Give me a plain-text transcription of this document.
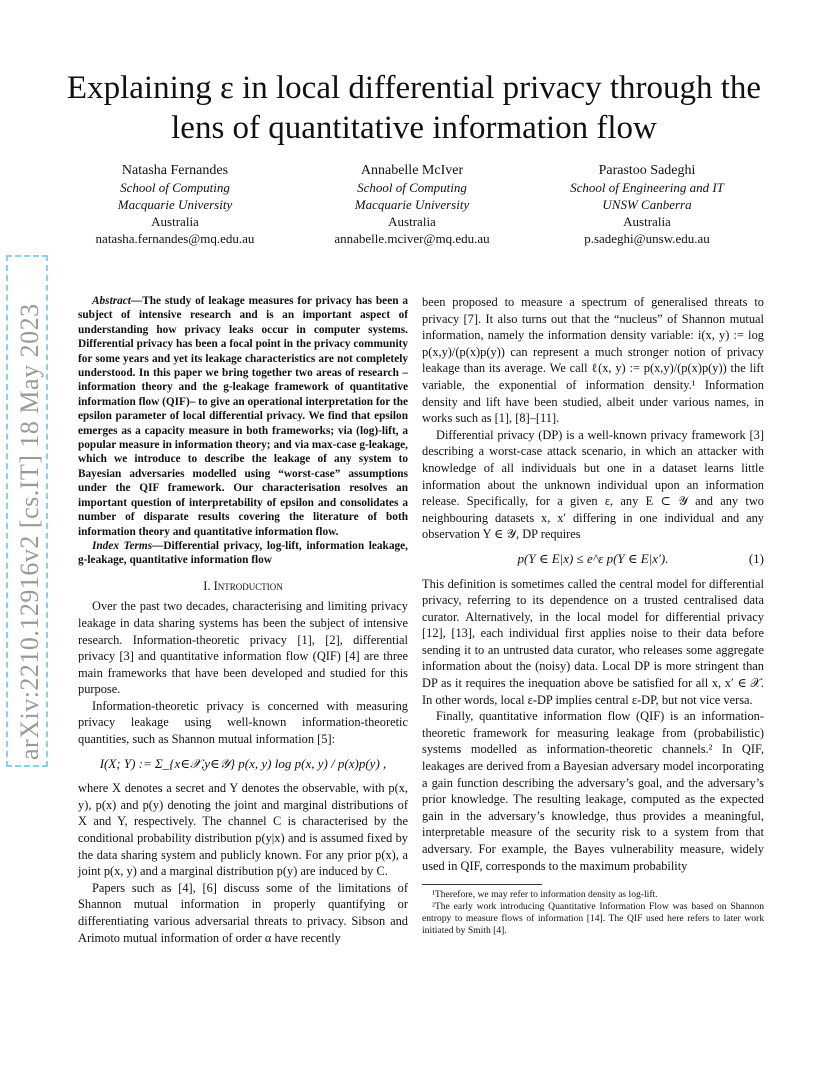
Explaining ε in local differential privacy through the lens of quantitative information flow
Natasha Fernandes
School of Computing
Macquarie University
Australia
natasha.fernandes@mq.edu.au
Annabelle McIver
School of Computing
Macquarie University
Australia
annabelle.mciver@mq.edu.au
Parastoo Sadeghi
School of Engineering and IT
UNSW Canberra
Australia
p.sadeghi@unsw.edu.au
arXiv:2210.12916v2 [cs.IT] 18 May 2023

Abstract—The study of leakage measures for privacy has been a subject of intensive research and is an important aspect of understanding how privacy leaks occur in computer systems. Differential privacy has been a focal point in the privacy community for some years and yet its leakage characteristics are not completely understood. In this paper we bring together two areas of research –information theory and the g-leakage framework of quantitative information flow (QIF)– to give an operational interpretation for the epsilon parameter of local differential privacy. We find that epsilon emerges as a capacity measure in both frameworks; via (log)-lift, a popular measure in information theory; and via max-case g-leakage, which we introduce to describe the leakage of any system to Bayesian adversaries modelled using “worst-case” assumptions under the QIF framework. Our characterisation resolves an important question of interpretability of epsilon and consolidates a number of disparate results covering the literature of both information theory and quantitative information flow.

Index Terms—Differential privacy, log-lift, information leakage, g-leakage, quantitative information flow

I. Introduction

Over the past two decades, characterising and limiting privacy leakage in data sharing systems has been the subject of intensive research. Information-theoretic privacy [1], [2], differential privacy [3] and quantitative information flow (QIF) [4] are three main frameworks that have been developed and studied for this purpose.

Information-theoretic privacy is concerned with measuring privacy leakage using well-known information-theoretic quantities, such as Shannon mutual information [5]:

I(X; Y) := Σ_{x∈𝒳,y∈𝒴} p(x, y) log p(x, y) / p(x)p(y) ,

where X denotes a secret and Y denotes the observable, with p(x, y), p(x) and p(y) denoting the joint and marginal distributions of X and Y, respectively. The channel C is characterised by the conditional probability distribution p(y|x) and is assumed fixed by the data sharing system and publicly known. For any prior p(x), a joint p(x, y) and a marginal distribution p(y) are induced by C.

Papers such as [4], [6] discuss some of the limitations of Shannon mutual information in properly quantifying or differentiating various adversarial threats to privacy. Sibson and Arimoto mutual information of order α have recently

been proposed to measure a spectrum of generalised threats to privacy [7]. It also turns out that the “nucleus” of Shannon mutual information, namely the information density variable: i(x, y) := log p(x,y)/(p(x)p(y)) can represent a much stronger notion of privacy leakage than its average. We call ℓ(x, y) := p(x,y)/(p(x)p(y)) the lift variable, the exponential of information density.¹ Information density and lift have been studied, albeit under various names, in works such as [1], [8]–[11].

Differential privacy (DP) is a well-known privacy framework [3] describing a worst-case attack scenario, in which an attacker with knowledge of all individuals but one in a dataset learns little information about the unknown individual upon an information release. Specifically, for a given ε, any E ⊂ 𝒴 and any two neighbouring datasets x, x′ differing in one individual and any observation Y ∈ 𝒴, DP requires

p(Y ∈ E|x) ≤ e^ε p(Y ∈ E|x′).	(1)

This definition is sometimes called the central model for differential privacy, referring to its dependence on a trusted centralised data curator. Alternatively, in the local model for differential privacy [12], [13], each individual first applies noise to their data before sending it to an untrusted data curator, who releases some aggregate information about the (noisy) data. Local DP is more stringent than DP as it requires the inequation above be satisfied for all x, x′ ∈ 𝒳. In other words, local ε-DP implies central ε-DP, but not vice versa.

Finally, quantitative information flow (QIF) is an information-theoretic framework for measuring leakage from (probabilistic) systems modelled as information-theoretic channels.² In QIF, leakages are derived from a Bayesian adversary model incorporating a gain function describing the adversary’s goal, and the adversary’s prior knowledge. The resulting leakage, computed as the expected gain in the adversary’s knowledge, thus provides a meaningful, interpretable measure of the security risk to a system from that adversary. For example, the Bayes vulnerability measure, widely used in QIF, corresponds to the maximum probability

¹Therefore, we may refer to information density as log-lift.

²The early work introducing Quantitative Information Flow was based on Shannon entropy to measure flows of information [14]. The QIF used here refers to later work initiated by Smith [4].
